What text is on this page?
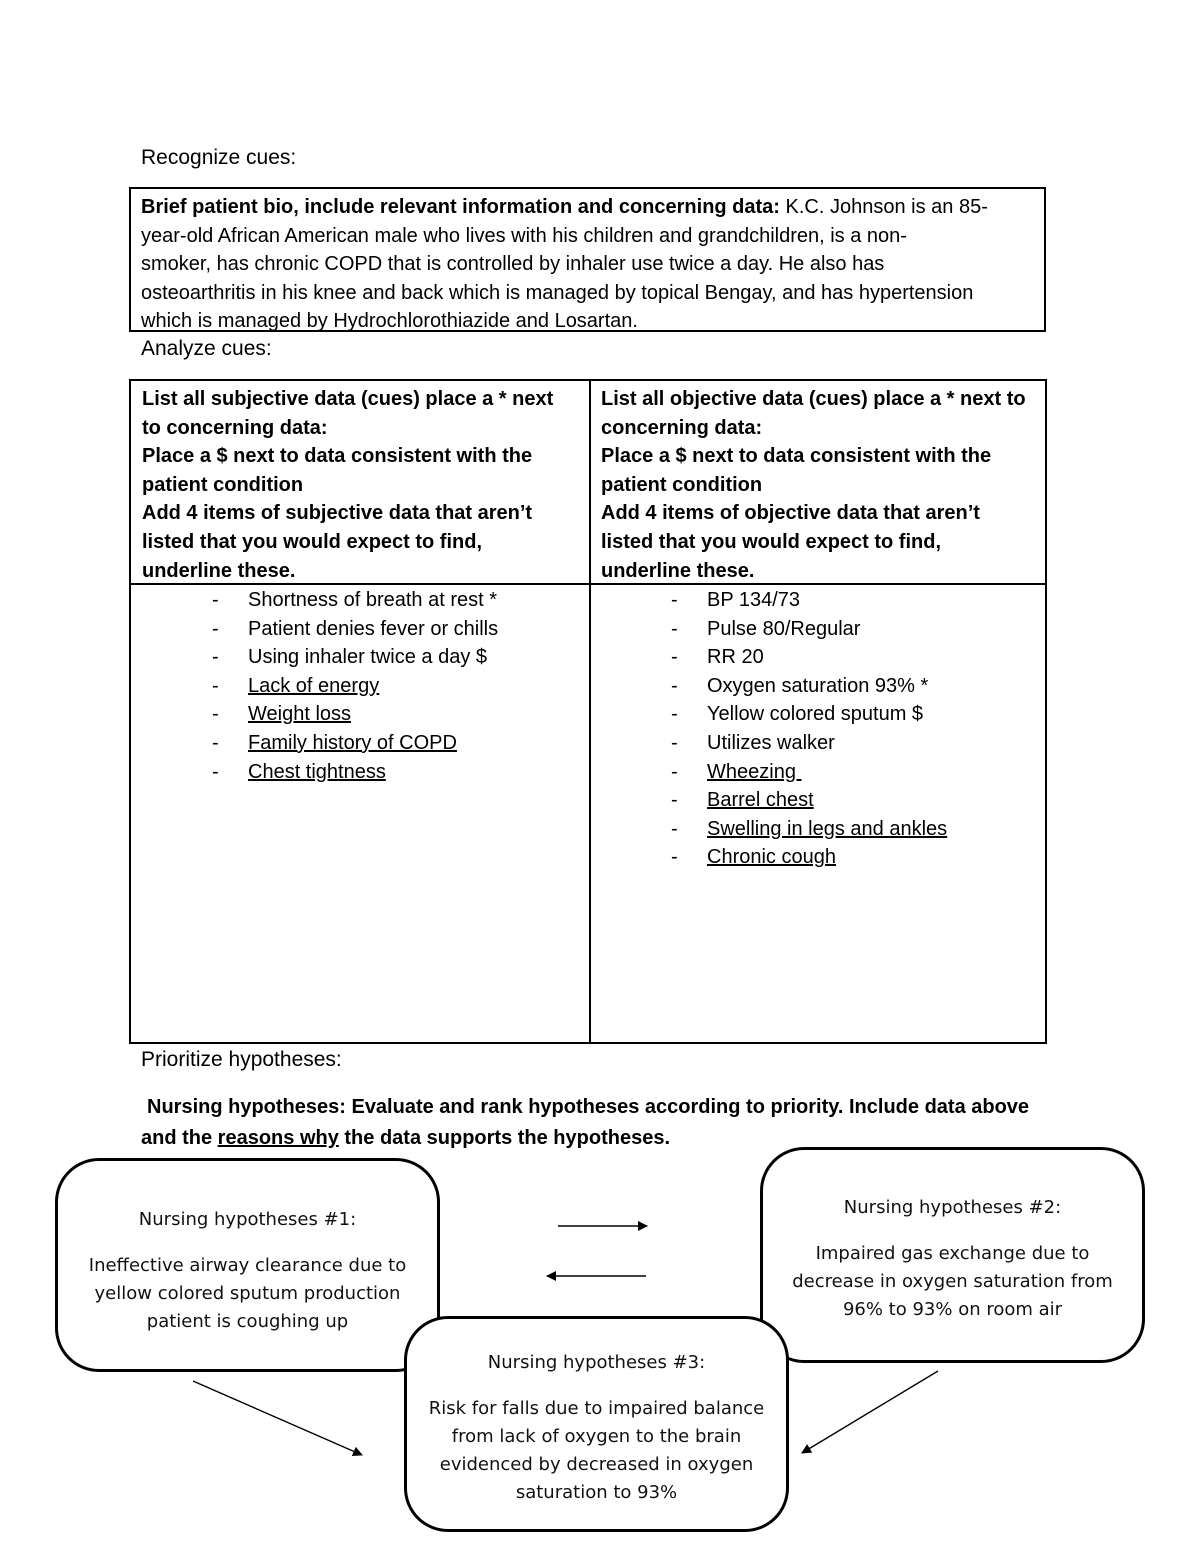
Recognize cues:
Brief patient bio, include relevant information and concerning data: K.C. Johnson is an 85-
year-old African American male who lives with his children and grandchildren, is a non-
smoker, has chronic COPD that is controlled by inhaler use twice a day. He also has
osteoarthritis in his knee and back which is managed by topical Bengay, and has hypertension
which is managed by Hydrochlorothiazide and Losartan.
Analyze cues:
List all subjective data (cues) place a * next
to concerning data:
Place a $ next to data consistent with the
patient condition
Add 4 items of subjective data that aren’t
listed that you would expect to find,
underline these.
List all objective data (cues) place a * next to
concerning data:
Place a $ next to data consistent with the
patient condition
Add 4 items of objective data that aren’t
listed that you would expect to find,
underline these.
- Shortness of breath at rest *
- Patient denies fever or chills
- Using inhaler twice a day $
- Lack of energy
- Weight loss
- Family history of COPD
- Chest tightness
- BP 134/73
- Pulse 80/Regular
- RR 20
- Oxygen saturation 93% *
- Yellow colored sputum $
- Utilizes walker
- Wheezing
- Barrel chest
- Swelling in legs and ankles
- Chronic cough
Prioritize hypotheses:
Nursing hypotheses: Evaluate and rank hypotheses according to priority. Include data above
and the reasons why the data supports the hypotheses.
Nursing hypotheses #1:
Ineffective airway clearance due to
yellow colored sputum production
patient is coughing up
Nursing hypotheses #2:
Impaired gas exchange due to
decrease in oxygen saturation from
96% to 93% on room air
Nursing hypotheses #3:
Risk for falls due to impaired balance
from lack of oxygen to the brain
evidenced by decreased in oxygen
saturation to 93%
